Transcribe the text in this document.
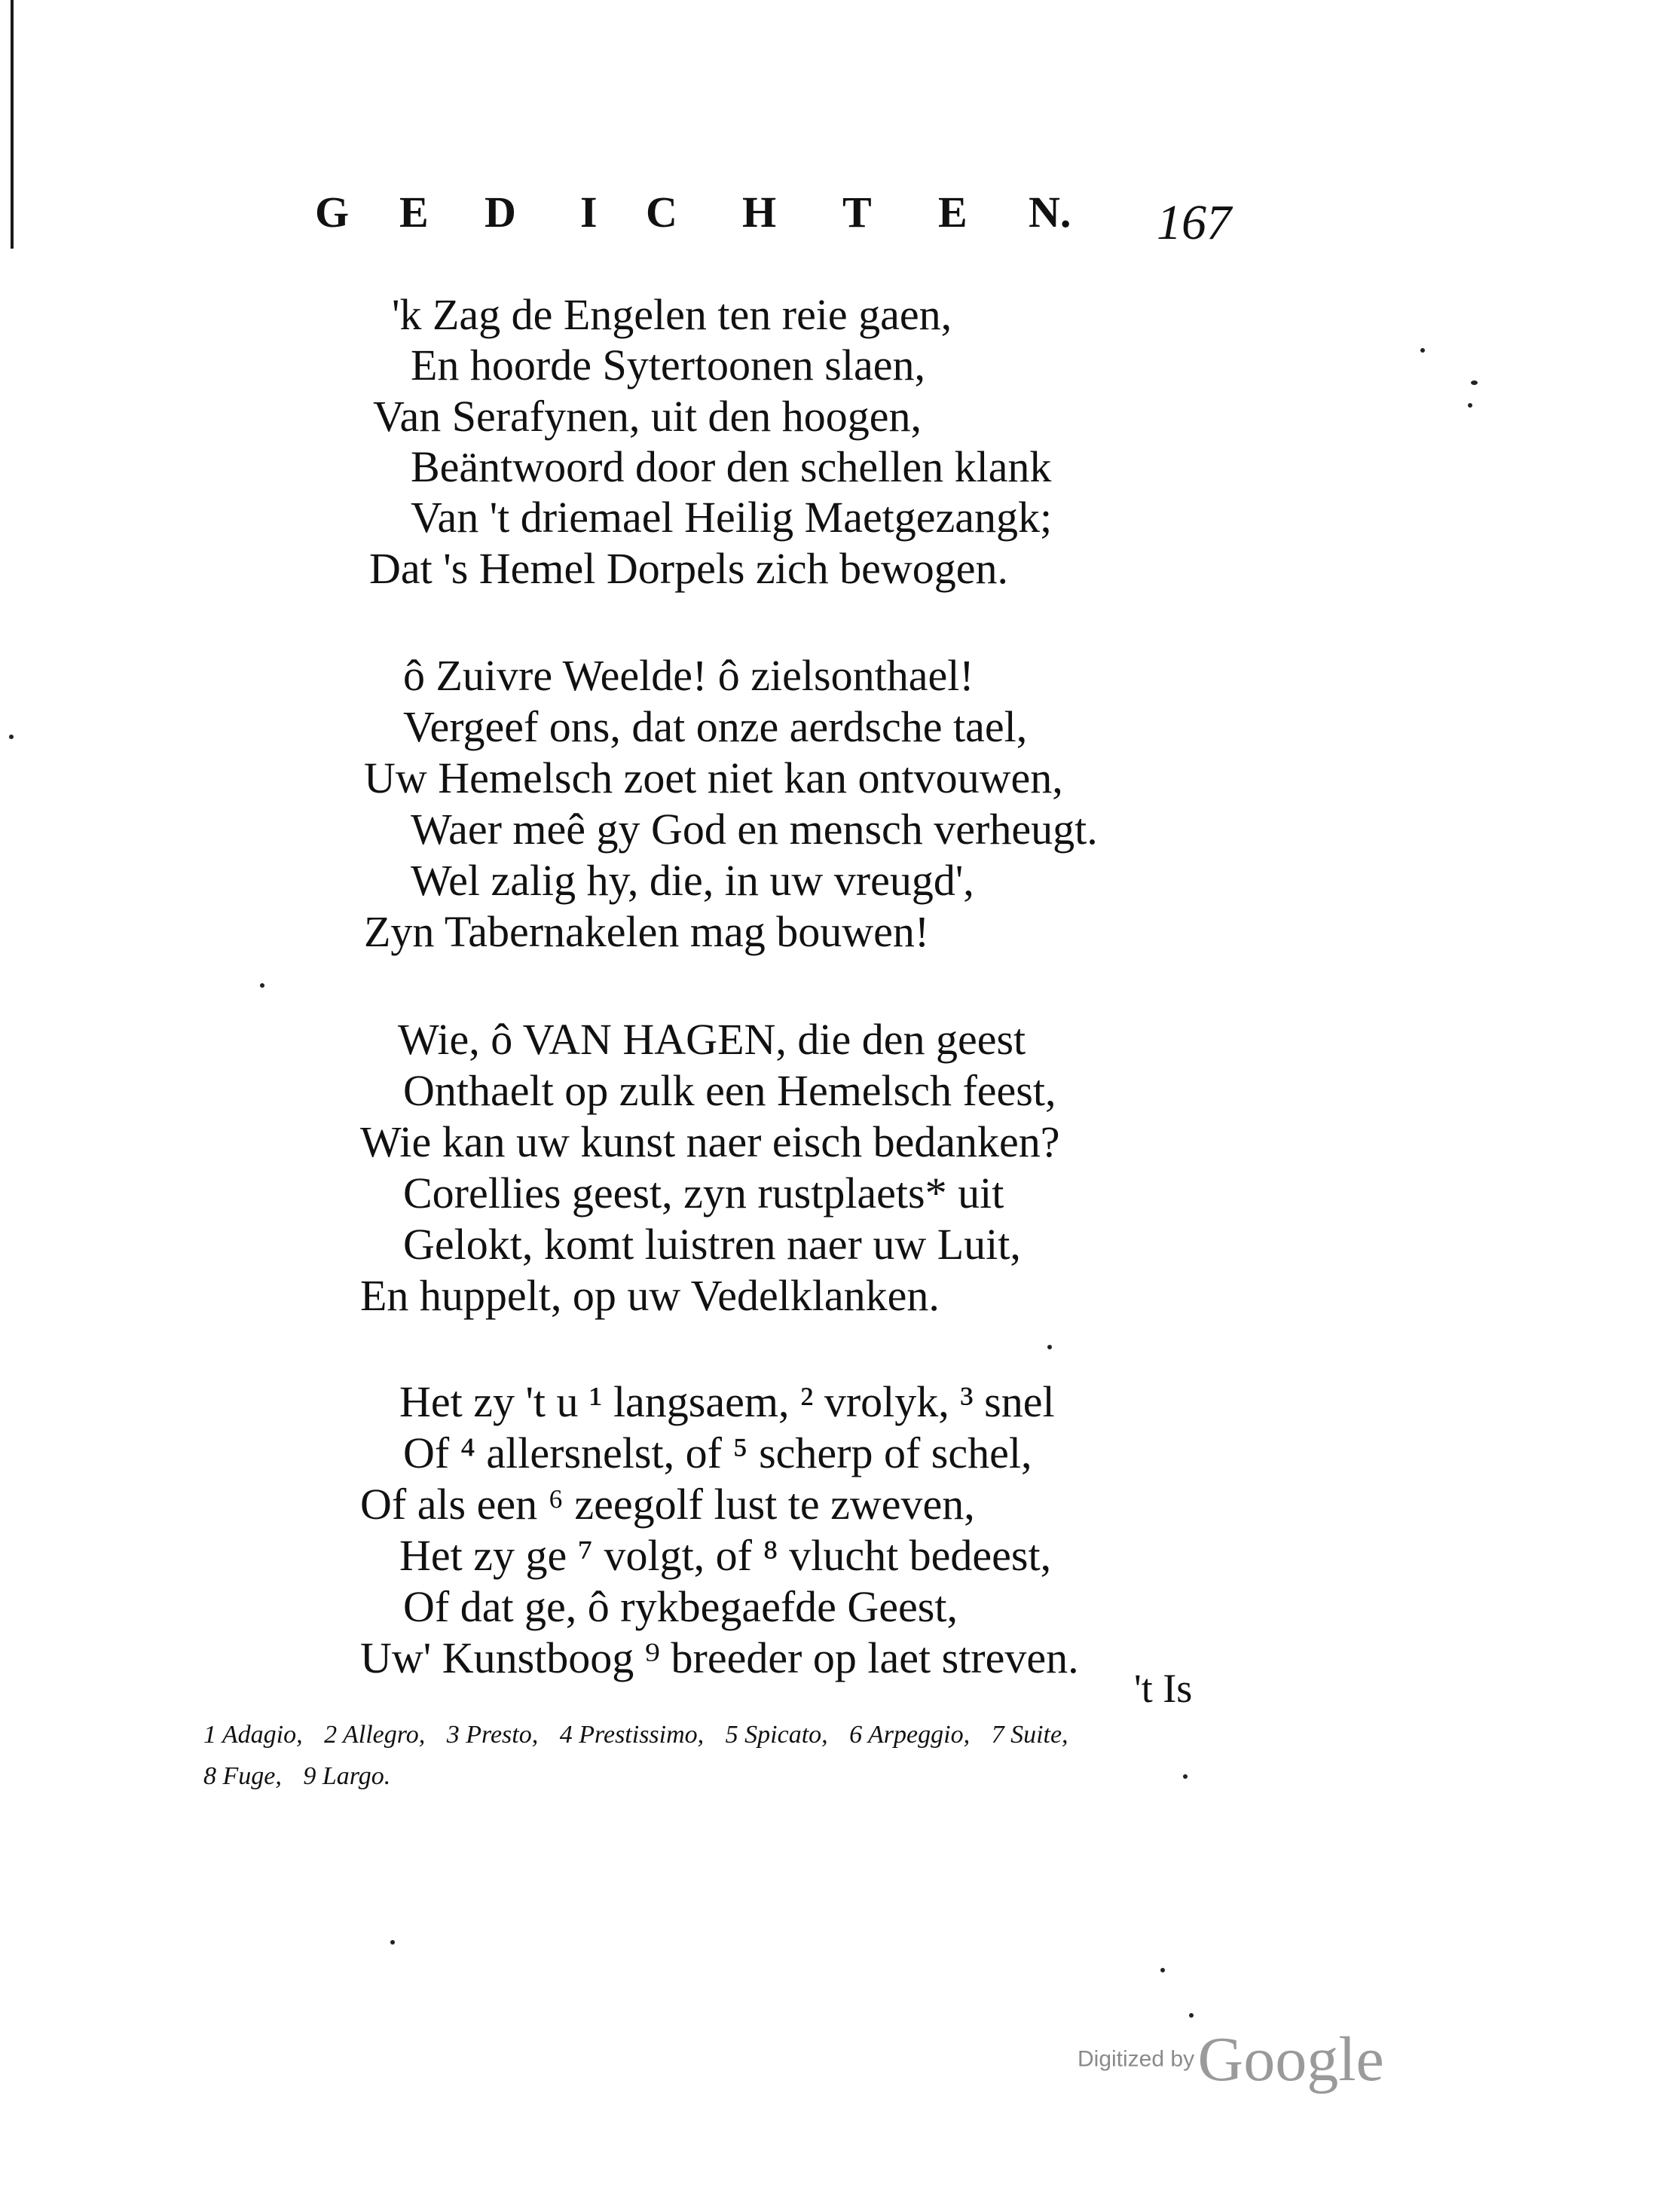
G E D I C H T E N. 167
'k Zag de Engelen ten reie gaen,
En hoorde Sytertoonen slaen,
Van Serafynen, uit den hoogen,
Beäntwoord door den schellen klank
Van 't driemael Heilig Maetgezangk;
Dat 's Hemel Dorpels zich bewogen.
ô Zuivre Weelde! ô zielsonthael!
Vergeef ons, dat onze aerdsche tael,
Uw Hemelsch zoet niet kan ontvouwen,
Waer meê gy God en mensch verheugt.
Wel zalig hy, die, in uw vreugd',
Zyn Tabernakelen mag bouwen!
Wie, ô VAN HAGEN, die den geest
Onthaelt op zulk een Hemelsch feest,
Wie kan uw kunst naer eisch bedanken?
Corellies geest, zyn rustplaets* uit
Gelokt, komt luistren naer uw Luit,
En huppelt, op uw Vedelklanken.
Het zy 't u ¹ langsaem, ² vrolyk, ³ snel
Of ⁴ allersnelst, of ⁵ scherp of schel,
Of als een ⁶ zeegolf lust te zweven,
Het zy ge ⁷ volgt, of ⁸ vlucht bedeest,
Of dat ge, ô rykbegaefde Geest,
Uw' Kunstboog ⁹ breeder op laet streven.
't Is
1 Adagio, 2 Allegro, 3 Presto, 4 Prestissimo, 5 Spicato, 6 Arpeggio, 7 Suite,
8 Fuge, 9 Largo.
Digitized by Google
